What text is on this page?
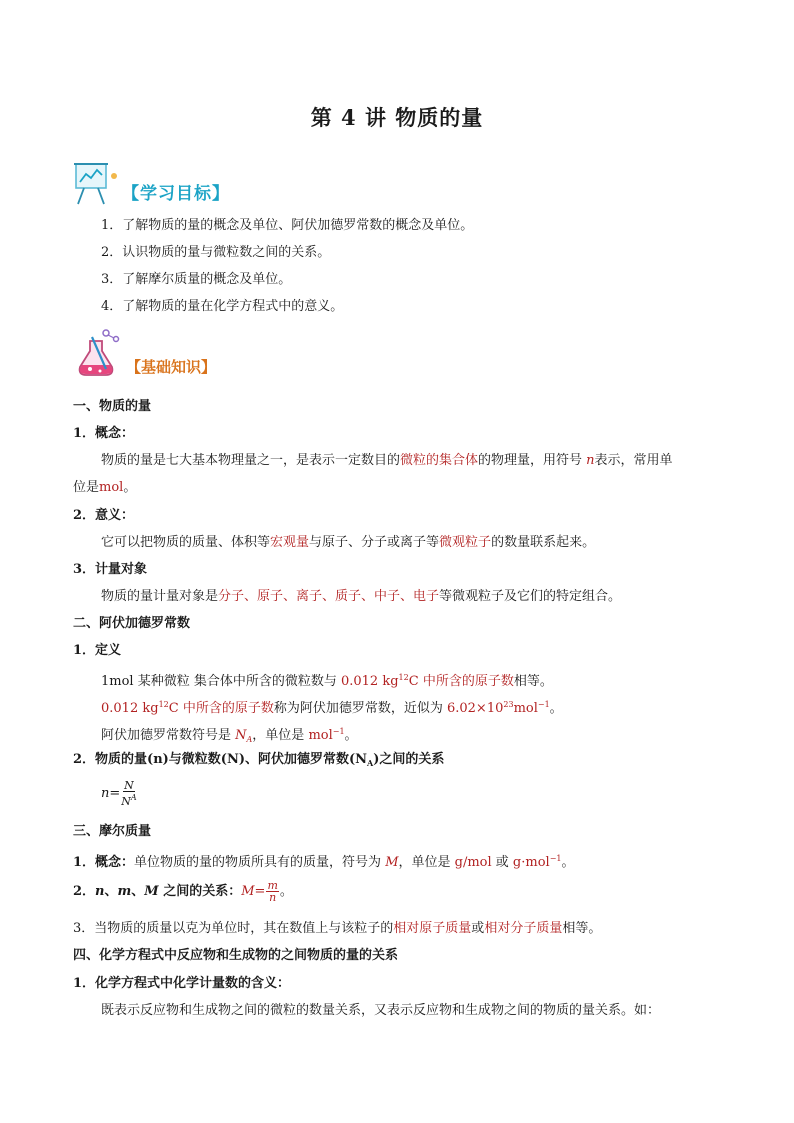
第 4 讲 物质的量
【学习目标】
1．了解物质的量的概念及单位、阿伏加德罗常数的概念及单位。
2．认识物质的量与微粒数之间的关系。
3．了解摩尔质量的概念及单位。
4．了解物质的量在化学方程式中的意义。
【基础知识】
一、物质的量
1．概念：
物质的量是七大基本物理量之一，是表示一定数目的微粒的集合体的物理量，用符号 n表示，常用单
位是mol。
2．意义：
它可以把物质的质量、体积等宏观量与原子、分子或离子等微观粒子的数量联系起来。
3．计量对象
物质的量计量对象是分子、原子、离子、质子、中子、电子等微观粒子及它们的特定组合。
二、阿伏加德罗常数
1．定义
1mol 某种微粒 集合体中所含的微粒数与 0.012 $kg^{12}C$ 中所含的原子数相等。
0.012 $kg^{12}C$ 中所含的原子数称为阿伏加德罗常数，近似为 $6.02\times 10^{23}mol^{-1}$。
阿伏加德罗常数符号是 $N_A$，单位是 mol$^{-1}$。
2．物质的量(n)与微粒数(N)、阿伏加德罗常数$(N_A)$之间的关系
$n= \frac{N}{N^A}$
三、摩尔质量
1．概念：单位物质的量的物质所具有的质量，符号为 M，单位是 g/mol 或 g·mol$^{-1}$。
2．n、m、M 之间的关系：$M= \frac{m}{n}$ 。
3．当物质的质量以克为单位时，其在数值上与该粒子的相对原子质量或相对分子质量相等。
四、化学方程式中反应物和生成物的之间物质的量的关系
1．化学方程式中化学计量数的含义：
既表示反应物和生成物之间的微粒的数量关系，又表示反应物和生成物之间的物质的量关系。如：
